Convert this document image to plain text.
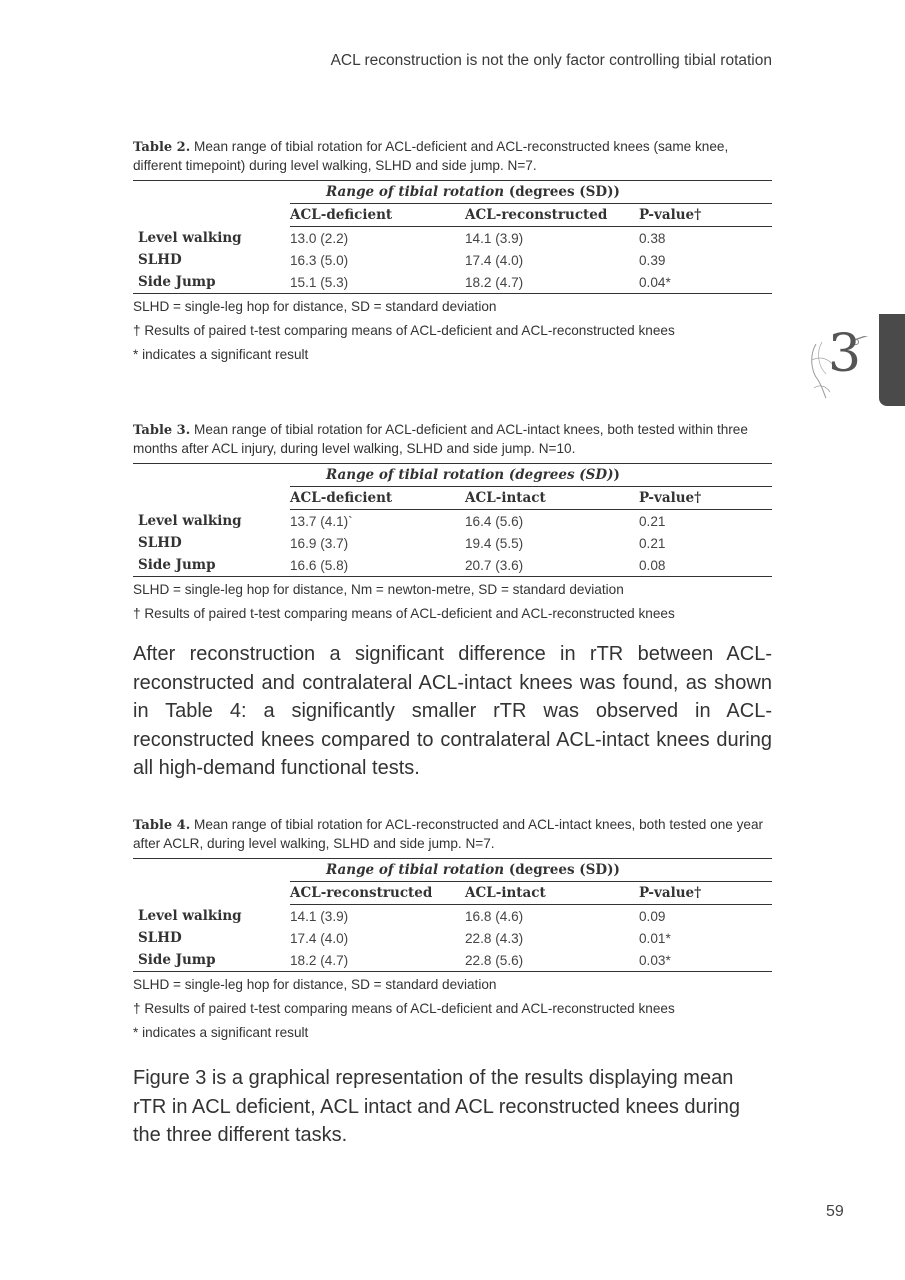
ACL reconstruction is not the only factor controlling tibial rotation
3
Table 2. Mean range of tibial rotation for ACL-deficient and ACL-reconstructed knees (same knee, different timepoint) during level walking, SLHD and side jump. N=7.
	Range of tibial rotation (degrees (SD))		
	ACL-deficient	ACL-reconstructed	P-value†
Level walking	13.0 (2.2)	14.1 (3.9)	0.38
SLHD	16.3 (5.0)	17.4 (4.0)	0.39
Side Jump	15.1 (5.3)	18.2 (4.7)	0.04*
SLHD = single-leg hop for distance, SD = standard deviation
† Results of paired t-test comparing means of ACL-deficient and ACL-reconstructed knees
* indicates a significant result
Table 3. Mean range of tibial rotation for ACL-deficient and ACL-intact knees, both tested within three months after ACL injury, during level walking, SLHD and side jump. N=10.
	Range of tibial rotation (degrees (SD))		
	ACL-deficient	ACL-intact	P-value†
Level walking	13.7 (4.1)`	16.4 (5.6)	0.21
SLHD	16.9 (3.7)	19.4 (5.5)	0.21
Side Jump	16.6 (5.8)	20.7 (3.6)	0.08
SLHD = single-leg hop for distance, Nm = newton-metre, SD = standard deviation
† Results of paired t-test comparing means of ACL-deficient and ACL-reconstructed knees
After reconstruction a significant difference in rTR between ACL-reconstructed and contralateral ACL-intact knees was found, as shown in Table 4: a significantly smaller rTR was observed in ACL-reconstructed knees compared to contralateral ACL-intact knees during all high-demand functional tests.
Table 4. Mean range of tibial rotation for ACL-reconstructed and ACL-intact knees, both tested one year after ACLR, during level walking, SLHD and side jump. N=7.
	Range of tibial rotation (degrees (SD))		
	ACL-reconstructed	ACL-intact	P-value†
Level walking	14.1 (3.9)	16.8 (4.6)	0.09
SLHD	17.4 (4.0)	22.8 (4.3)	0.01*
Side Jump	18.2 (4.7)	22.8 (5.6)	0.03*
SLHD = single-leg hop for distance, SD = standard deviation
† Results of paired t-test comparing means of ACL-deficient and ACL-reconstructed knees
* indicates a significant result
Figure 3 is a graphical representation of the results displaying mean rTR in ACL deficient, ACL intact and ACL reconstructed knees during the three different tasks.
59
